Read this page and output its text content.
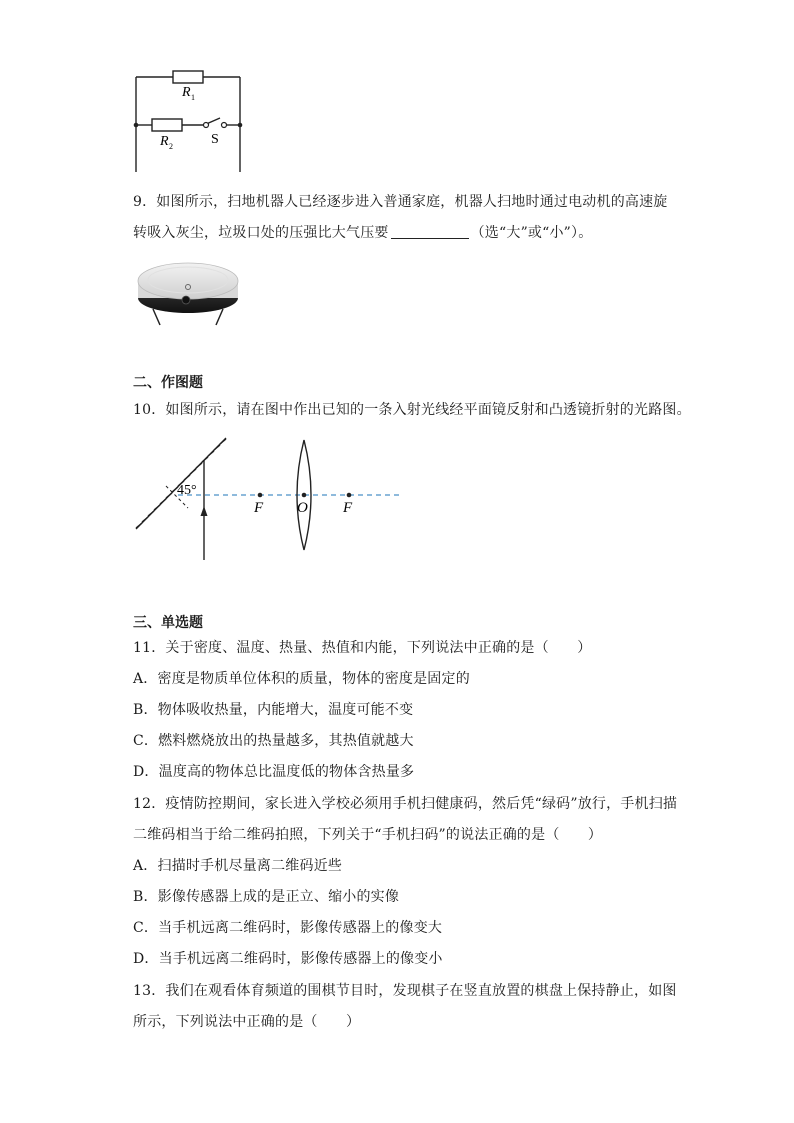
R 1
R 2	S
9．如图所示，扫地机器人已经逐步进入普通家庭，机器人扫地时通过电动机的高速旋
转吸入灰尘，垃圾口处的压强比大气压要	（选“大”或“小”）。
二、作图题
10．如图所示，请在图中作出已知的一条入射光线经平面镜反射和凸透镜折射的光路图。
45°
F O F
三、单选题
11．关于密度、温度、热量、热值和内能，下列说法中正确的是（　　）
A．密度是物质单位体积的质量，物体的密度是固定的
B．物体吸收热量，内能增大，温度可能不变
C．燃料燃烧放出的热量越多，其热值就越大
D．温度高的物体总比温度低的物体含热量多
12．疫情防控期间，家长进入学校必须用手机扫健康码，然后凭“绿码”放行，手机扫描
二维码相当于给二维码拍照，下列关于“手机扫码”的说法正确的是（　　）
A．扫描时手机尽量离二维码近些
B．影像传感器上成的是正立、缩小的实像
C．当手机远离二维码时，影像传感器上的像变大
D．当手机远离二维码时，影像传感器上的像变小
13．我们在观看体育频道的围棋节目时，发现棋子在竖直放置的棋盘上保持静止，如图
所示，下列说法中正确的是（　　）
